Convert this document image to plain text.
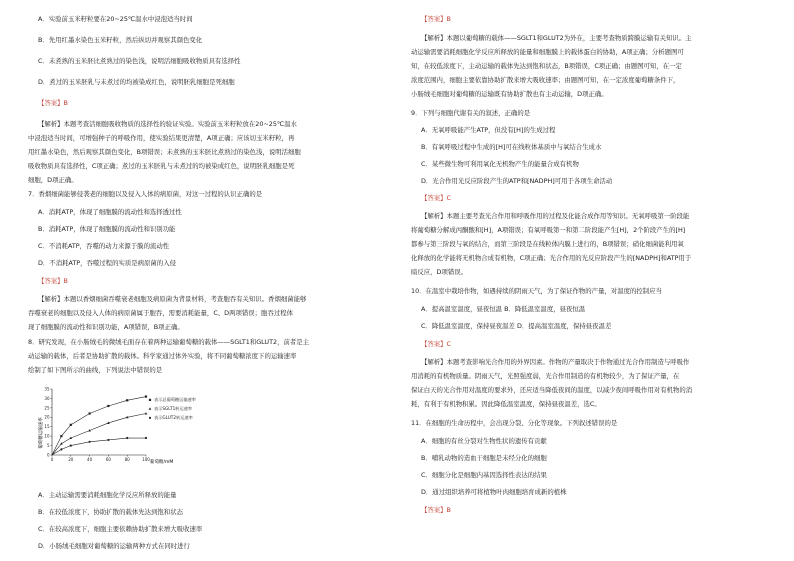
A．实验前玉米籽粒要在20~25℃温水中浸泡适当时间
B．先用红墨水染色玉米籽粒，然后纵切并观察其颜色变化
C．未煮熟的玉米胚比煮熟过的染色浅，说明活细胞吸收物质具有选择性
D．煮过的玉米胚乳与未煮过的均被染成红色，说明胚乳细胞是死细胞
【答案】B
【解析】本题考查活细胞吸收物质的选择性的验证实验。实验前玉米籽粒放在20~25℃温水
中浸泡适当时间，可增强种子的呼吸作用，使实验结果更清楚，A项正确；应该切玉米籽粒，再
用红墨水染色，然后观察其颜色变化，B项错误；未煮熟的玉米胚比煮熟过的染色浅，说明活细胞
吸收物质具有选择性，C项正确；煮过的玉米胚乳与未煮过的均被染成红色，说明胚乳细胞是死
细胞，D项正确。
7．香烟细菌能够侵袭老的细胞以及侵入人体的病原菌，对这一过程的认识正确的是
A．消耗ATP，体现了细胞膜的流动性和选择透过性
B．消耗ATP，体现了细胞膜的流动性和识别功能
C．不消耗ATP，吞噬的动力来源于膜的流动性
D．不消耗ATP，吞噬过程的实质是病原菌的入侵
【答案】B
【解析】本题以香烟细菌吞噬衰老细胞及病原菌为背景材料，考查胞吞有关知识。香烟细菌能够
吞噬衰老的细胞以及侵入人体的病原菌属于胞吞，需要消耗能量，C、D两项错误；胞吞过程体
现了细胞膜的流动性和识别功能，A项错误，B项正确。
8．研究发现，在小肠绒毛的微绒毛面存在着两种运输葡萄糖的载体——SGLT1和GLUT2，前者是主
动运输的载体，后者是协助扩散的载体。科学家通过体外实验，将不同葡萄糖浓度下的运输速率
绘制了如下图所示的曲线，下列说法中错误的是
葡萄糖运输速率
葡萄糖/mM
0	20	40	60	80	100
0
5
10
15
20
25
30
35
表示总葡萄糖运输速率
表示SGLT1转运速率
表示GLUT2转运速率
A．主动运输需要消耗细胞化学反应所释放的能量
B．在较低浓度下，协助扩散的载体先达到饱和状态
C．在较高浓度下，细胞主要依赖协助扩散来增大吸收速率
D．小肠绒毛细胞对葡萄糖的运输两种方式在同时进行
【答案】B
【解析】本题以葡萄糖的载体——SGLT1和GLUT2为外在，主要考查物质跨膜运输有关知识。主
动运输需要消耗细胞化学反应所释放的能量和细胞膜上的载体蛋白的协助，A项正确；分析题图可
知，在较低浓度下，主动运输的载体先达到饱和状态，B项错误，C项正确；由题图可知，在一定
浓度范围内，细胞主要依靠协助扩散来增大吸收速率；由题图可知，在一定浓度葡萄糖条件下，
小肠绒毛细胞对葡萄糖的运输既有协助扩散也有主动运输，D项正确。
9．下列与细胞代谢有关的叙述，正确的是
A．无氧呼吸能产生ATP，但没有[H]的生成过程
B．有氧呼吸过程中生成的[H]可在线粒体基质中与氧结合生成水
C．某些微生物可利用氧化无机物产生的能量合成有机物
D．光合作用光反应阶段产生的ATP和[NADPH]可用于各项生命活动
【答案】C
【解析】本题主要考查光合作用和呼吸作用的过程及化能合成作用等知识。无氧呼吸第一阶段能
将葡萄糖分解成丙酮酸和[H]，A项错误；有氧呼吸第一和第二阶段能产生[H]，2个阶段产生的[H]
都参与第三阶段与氧的结合，而第三阶段是在线粒体内膜上进行的，B项错误；硝化细菌能利用氧
化释放的化学能将无机物合成有机物，C项正确；光合作用的光反应阶段产生的[NADPH]和ATP用于
暗反应，D项错误。
10．在温室中栽培作物，如遇持续的阴雨天气，为了保证作物的产量，对温度的控制应当
A．提高温室温度，昼夜恒温 B．降低温室温度，昼夜恒温
C．降低温室温度，保持昼夜温差 D．提高温室温度，保持昼夜温差
【答案】C
【解析】本题考查影响光合作用的外界因素。作物的产量取决于作物通过光合作用制造与呼吸作
用消耗的有机物质量。阴雨天气，光照强度弱，光合作用制造的有机物较少，为了保证产量，在
保证白天的光合作用对温度的要求外，还应适当降低夜间的温度，以减少夜间呼吸作用对有机物的消
耗，有利于有机物积累。因此降低温室温度，保持昼夜温差，选C。
11．在细胞的生命历程中，会出现分裂、分化等现象。下列叙述错误的是
A．细胞的有丝分裂对生物性状的遗传有贡献
B．哺乳动物的造血干细胞是未经分化的细胞
C．细胞分化是细胞内基因选择性表达的结果
D．通过组织培养可将植物叶肉细胞培育成新的植株
【答案】B
